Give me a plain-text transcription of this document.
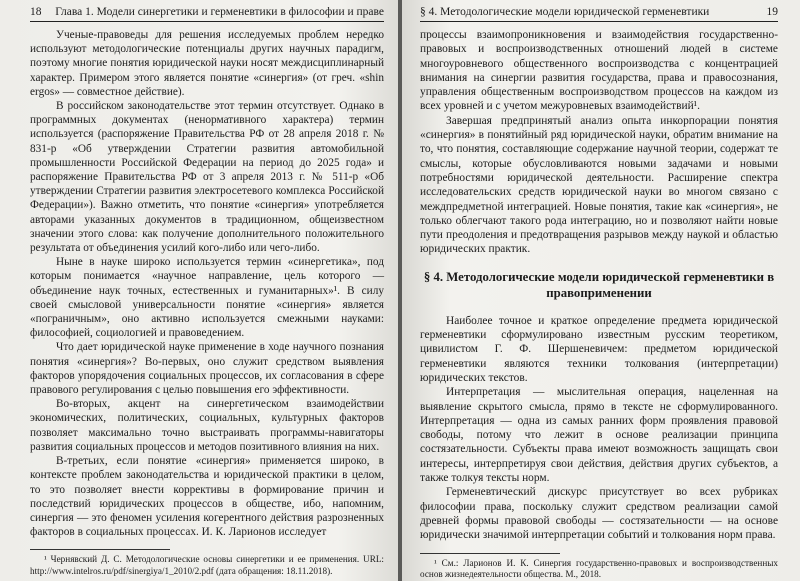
18 Глава 1. Модели синергетики и герменевтики в философии и праве

Ученые-правоведы для решения исследуемых проблем нередко используют методологические потенциалы других научных парадигм, поэтому многие понятия юридической науки носят междисциплинарный характер. Примером этого является понятие «синергия» (от греч. «shin ergos» — совместное действие).

В российском законодательстве этот термин отсутствует. Однако в программных документах (ненормативного характера) термин используется (распоряжение Правительства РФ от 28 апреля 2018 г. № 831-р «Об утверждении Стратегии развития автомобильной промышленности Российской Федерации на период до 2025 года» и распоряжение Правительства РФ от 3 апреля 2013 г. № 511-р «Об утверждении Стратегии развития электросетевого комплекса Российской Федерации»). Важно отметить, что понятие «синергия» употребляется авторами указанных документов в традиционном, общеизвестном значении этого слова: как получение дополнительного положительного результата от объединения усилий кого-либо или чего-либо.

Ныне в науке широко используется термин «синергетика», под которым понимается «научное направление, цель которого — объединение наук точных, естественных и гуманитарных»¹. В силу своей смысловой универсальности понятие «синергия» является «пограничным», оно активно используется смежными науками: философией, социологией и правоведением.

Что дает юридической науке применение в ходе научного познания понятия «синергия»? Во-первых, оно служит средством выявления факторов упорядочения социальных процессов, их согласования в сфере правового регулирования с целью повышения его эффективности.

Во-вторых, акцент на синергетическом взаимодействии экономических, политических, социальных, культурных факторов позволяет максимально точно выстраивать программы-навигаторы развития социальных процессов и методов позитивного влияния на них.

В-третьих, если понятие «синергия» применяется широко, в контексте проблем законодательства и юридической практики в целом, то это позволяет внести коррективы в формирование причин и последствий юридических процессов в обществе, ибо, напомним, синергия — это феномен усиления когерентного действия разрозненных факторов в социальных процессах. И. К. Ларионов исследует

¹ Чернявский Д. С. Методологические основы синергетики и ее применения. URL: http://www.intelros.ru/pdf/sinergiya/1_2010/2.pdf (дата обращения: 18.11.2018).

§ 4. Методологические модели юридической герменевтики	19

процессы взаимопроникновения и взаимодействия государственно-правовых и воспроизводственных отношений людей в системе многоуровневого общественного воспроизводства с концентрацией внимания на синергии развития государства, права и правосознания, управления общественным воспроизводством процессов на каждом из всех уровней и с учетом межуровневых взаимодействий¹.

Завершая предпринятый анализ опыта инкорпорации понятия «синергия» в понятийный ряд юридической науки, обратим внимание на то, что понятия, составляющие содержание научной теории, содержат те смыслы, которые обусловливаются новыми задачами и новыми потребностями юридической деятельности. Расширение спектра исследовательских средств юридической науки во многом связано с междпредметной интеграцией. Новые понятия, такие как «синергия», не только облегчают такого рода интеграцию, но и позволяют найти новые пути преодоления и предотвращения разрывов между наукой и областью юридических практик.

§ 4. Методологические модели юридической герменевтики в правоприменении

Наиболее точное и краткое определение предмета юридической герменевтики сформулировано известным русским теоретиком, цивилистом Г. Ф. Шершеневичем: предметом юридической герменевтики являются техники толкования (интерпретации) юридических текстов.

Интерпретация — мыслительная операция, нацеленная на выявление скрытого смысла, прямо в тексте не сформулированного. Интерпретация — одна из самых ранних форм проявления правовой свободы, потому что лежит в основе реализации принципа состязательности. Субъекты права имеют возможность защищать свои интересы, интерпретируя свои действия, действия других субъектов, а также толкуя тексты норм.

Герменевтический дискурс присутствует во всех рубриках философии права, поскольку служит средством реализации самой древней формы правовой свободы — состязательности — на основе юридически значимой интерпретации событий и толкования норм права.

¹ См.: Ларионов И. К. Синергия государственно-правовых и воспроизводственных основ жизнедеятельности общества. М., 2018.
